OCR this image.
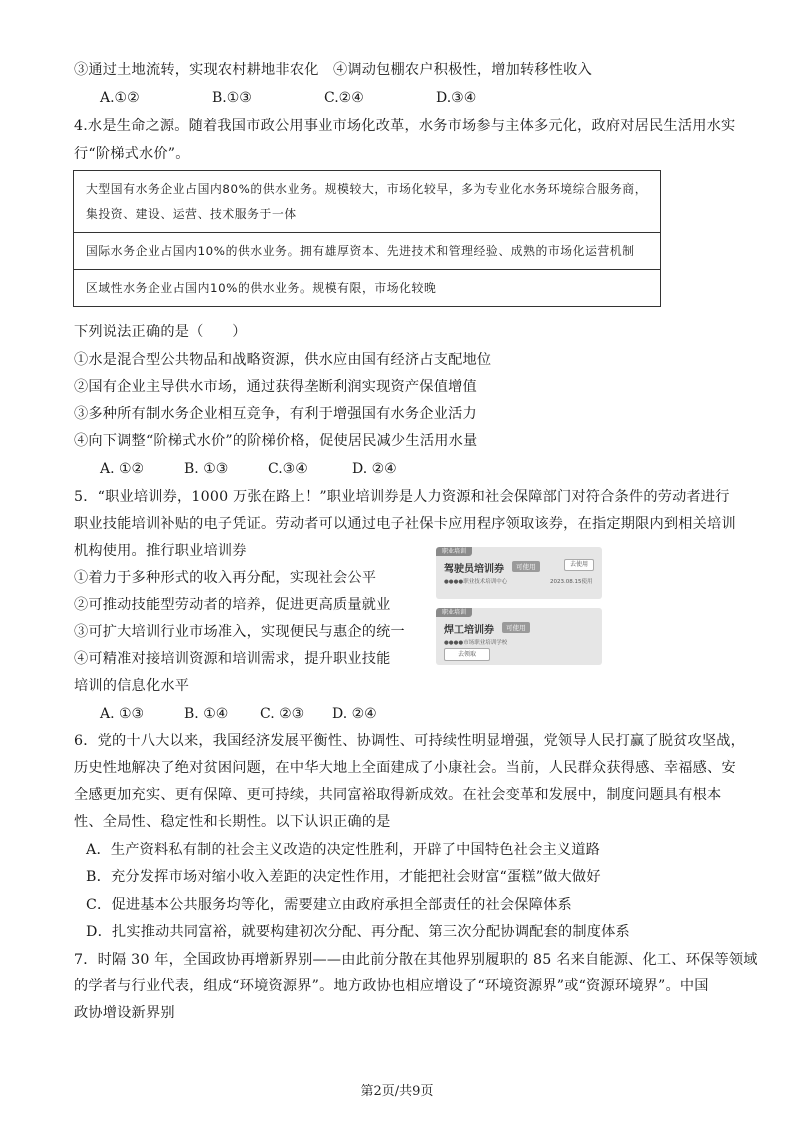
③通过土地流转，实现农村耕地非农化　④调动包棚农户积极性，增加转移性收入
A.①②	B.①③	C.②④	D.③④
4.水是生命之源。随着我国市政公用事业市场化改革，水务市场参与主体多元化，政府对居民生活用水实
行“阶梯式水价”。
大型国有水务企业占国内80%的供水业务。规模较大，市场化较早，多为专业化水务环境综合服务商，集投资、建设、运营、技术服务于一体
国际水务企业占国内10%的供水业务。拥有雄厚资本、先进技术和管理经验、成熟的市场化运营机制
区域性水务企业占国内10%的供水业务。规模有限，市场化较晚
下列说法正确的是（　　）
①水是混合型公共物品和战略资源，供水应由国有经济占支配地位
②国有企业主导供水市场，通过获得垄断利润实现资产保值增值
③多种所有制水务企业相互竞争，有利于增强国有水务企业活力
④向下调整“阶梯式水价”的阶梯价格，促使居民减少生活用水量
A. ①②	B. ①③	C.③④	D. ②④
5．“职业培训券，1000 万张在路上！”职业培训券是人力资源和社会保障部门对符合条件的劳动者进行
职业技能培训补贴的电子凭证。劳动者可以通过电子社保卡应用程序领取该券，在指定期限内到相关培训
机构使用。推行职业培训券
①着力于多种形式的收入再分配，实现社会公平
②可推动技能型劳动者的培养，促进更高质量就业
③可扩大培训行业市场准入，实现便民与惠企的统一
④可精准对接培训资源和培训需求，提升职业技能
培训的信息化水平
A. ①③	B. ①④ C. ②③ D. ②④
职业培训
驾驶员培训券	可使用	去使用
●●●●职业技术培训中心	2023.08.15使用
职业培训
焊工培训券	可使用
●●●●市场职业培训学校
去领取
6．党的十八大以来，我国经济发展平衡性、协调性、可持续性明显增强，党领导人民打赢了脱贫攻坚战，
历史性地解决了绝对贫困问题，在中华大地上全面建成了小康社会。当前，人民群众获得感、幸福感、安
全感更加充实、更有保障、更可持续，共同富裕取得新成效。在社会变革和发展中，制度问题具有根本
性、全局性、稳定性和长期性。以下认识正确的是
A．生产资料私有制的社会主义改造的决定性胜利，开辟了中国特色社会主义道路
B．充分发挥市场对缩小收入差距的决定性作用，才能把社会财富“蛋糕”做大做好
C．促进基本公共服务均等化，需要建立由政府承担全部责任的社会保障体系
D．扎实推动共同富裕，就要构建初次分配、再分配、第三次分配协调配套的制度体系
7．时隔 30 年，全国政协再增新界别——由此前分散在其他界别履职的 85 名来自能源、化工、环保等领域
的学者与行业代表，组成“环境资源界”。地方政协也相应增设了“环境资源界”或“资源环境界”。中国
政协增设新界别
第2页/共9页
